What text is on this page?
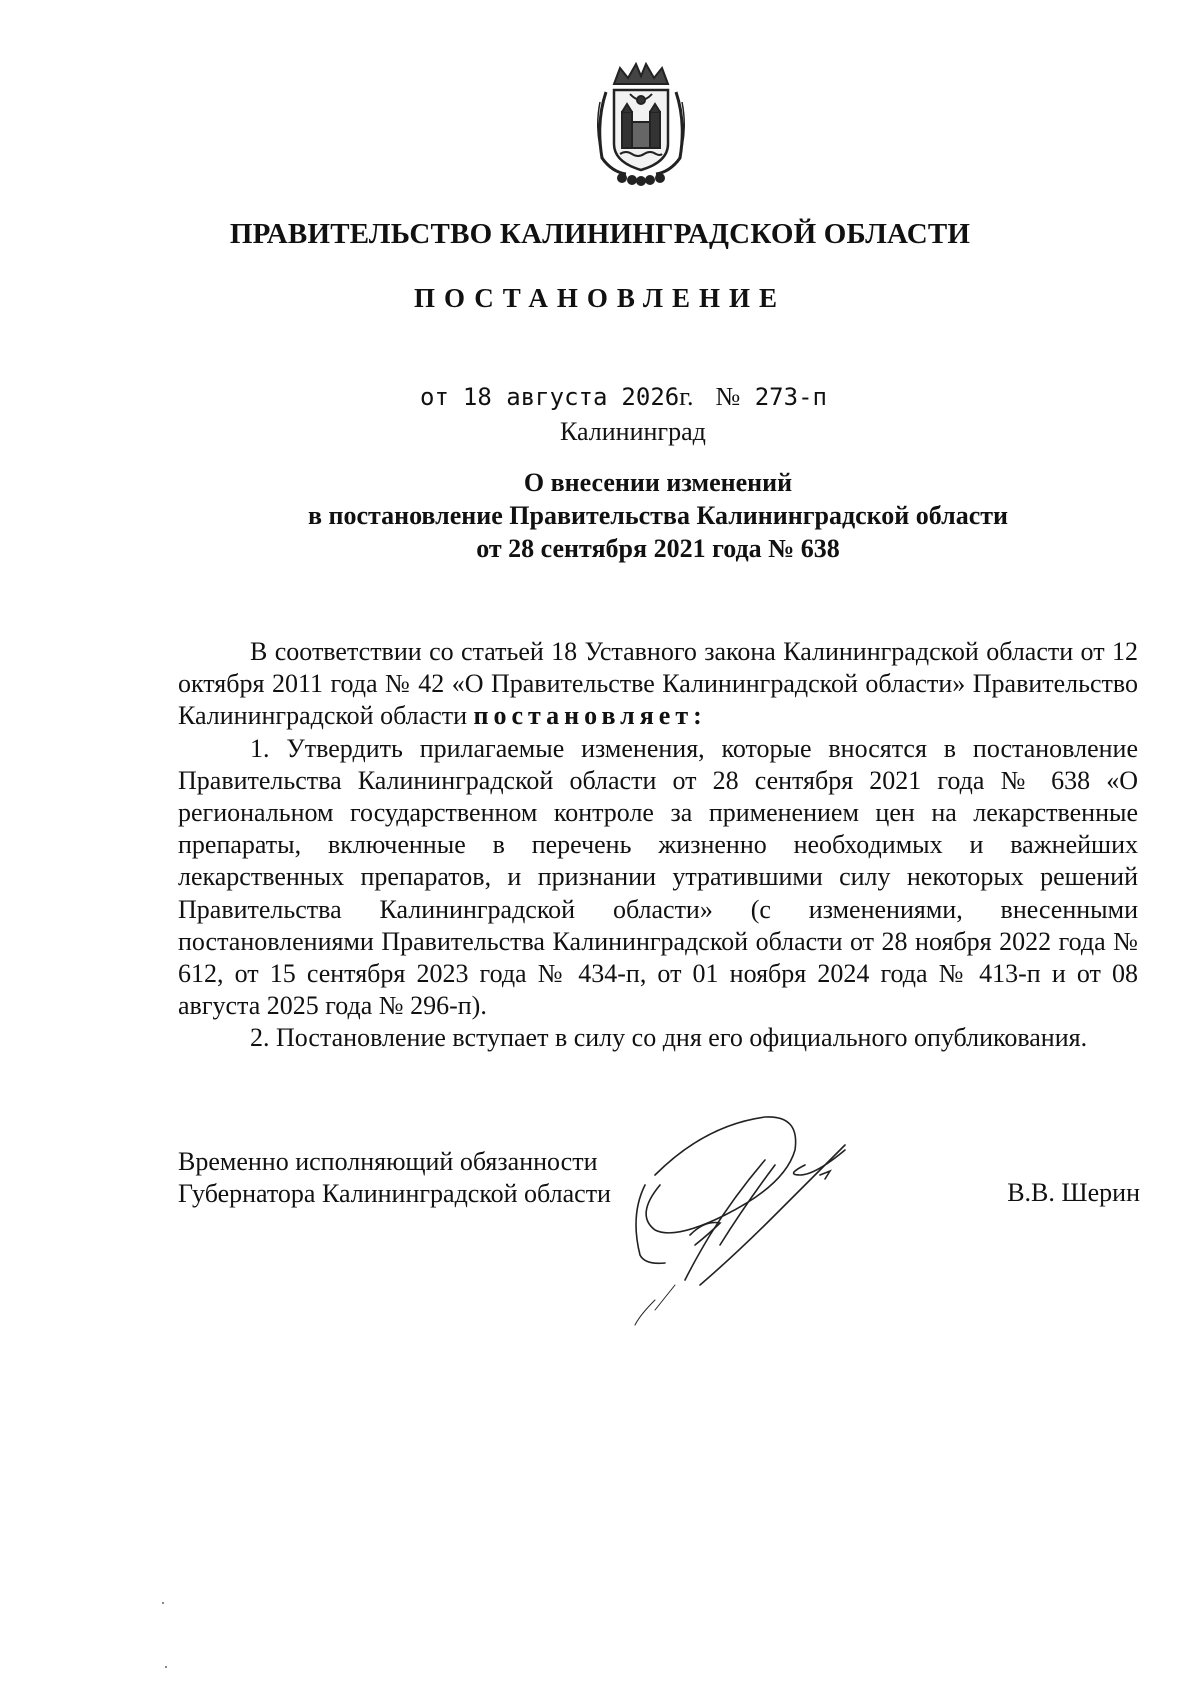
ПРАВИТЕЛЬСТВО КАЛИНИНГРАДСКОЙ ОБЛАСТИ
ПОСТАНОВЛЕНИЕ
от 18 августа 2026г. № 273-п
Калининград
О внесении изменений
в постановление Правительства Калининградской области
от 28 сентября 2021 года № 638

В соответствии со статьей 18 Уставного закона Калининградской области от 12 октября 2011 года № 42 «О Правительстве Калининградской области» Правительство Калининградской области постановляет:

1. Утвердить прилагаемые изменения, которые вносятся в постановление Правительства Калининградской области от 28 сентября 2021 года № 638 «О региональном государственном контроле за применением цен на лекарственные препараты, включенные в перечень жизненно необходимых и важнейших лекарственных препаратов, и признании утратившими силу некоторых решений Правительства Калининградской области» (с изменениями, внесенными постановлениями Правительства Калининградской области от 28 ноября 2022 года № 612, от 15 сентября 2023 года № 434-п, от 01 ноября 2024 года № 413-п и от 08 августа 2025 года № 296-п).

2. Постановление вступает в силу со дня его официального опубликования.

Временно исполняющий обязанности
Губернатора Калининградской области	В.В. Шерин
